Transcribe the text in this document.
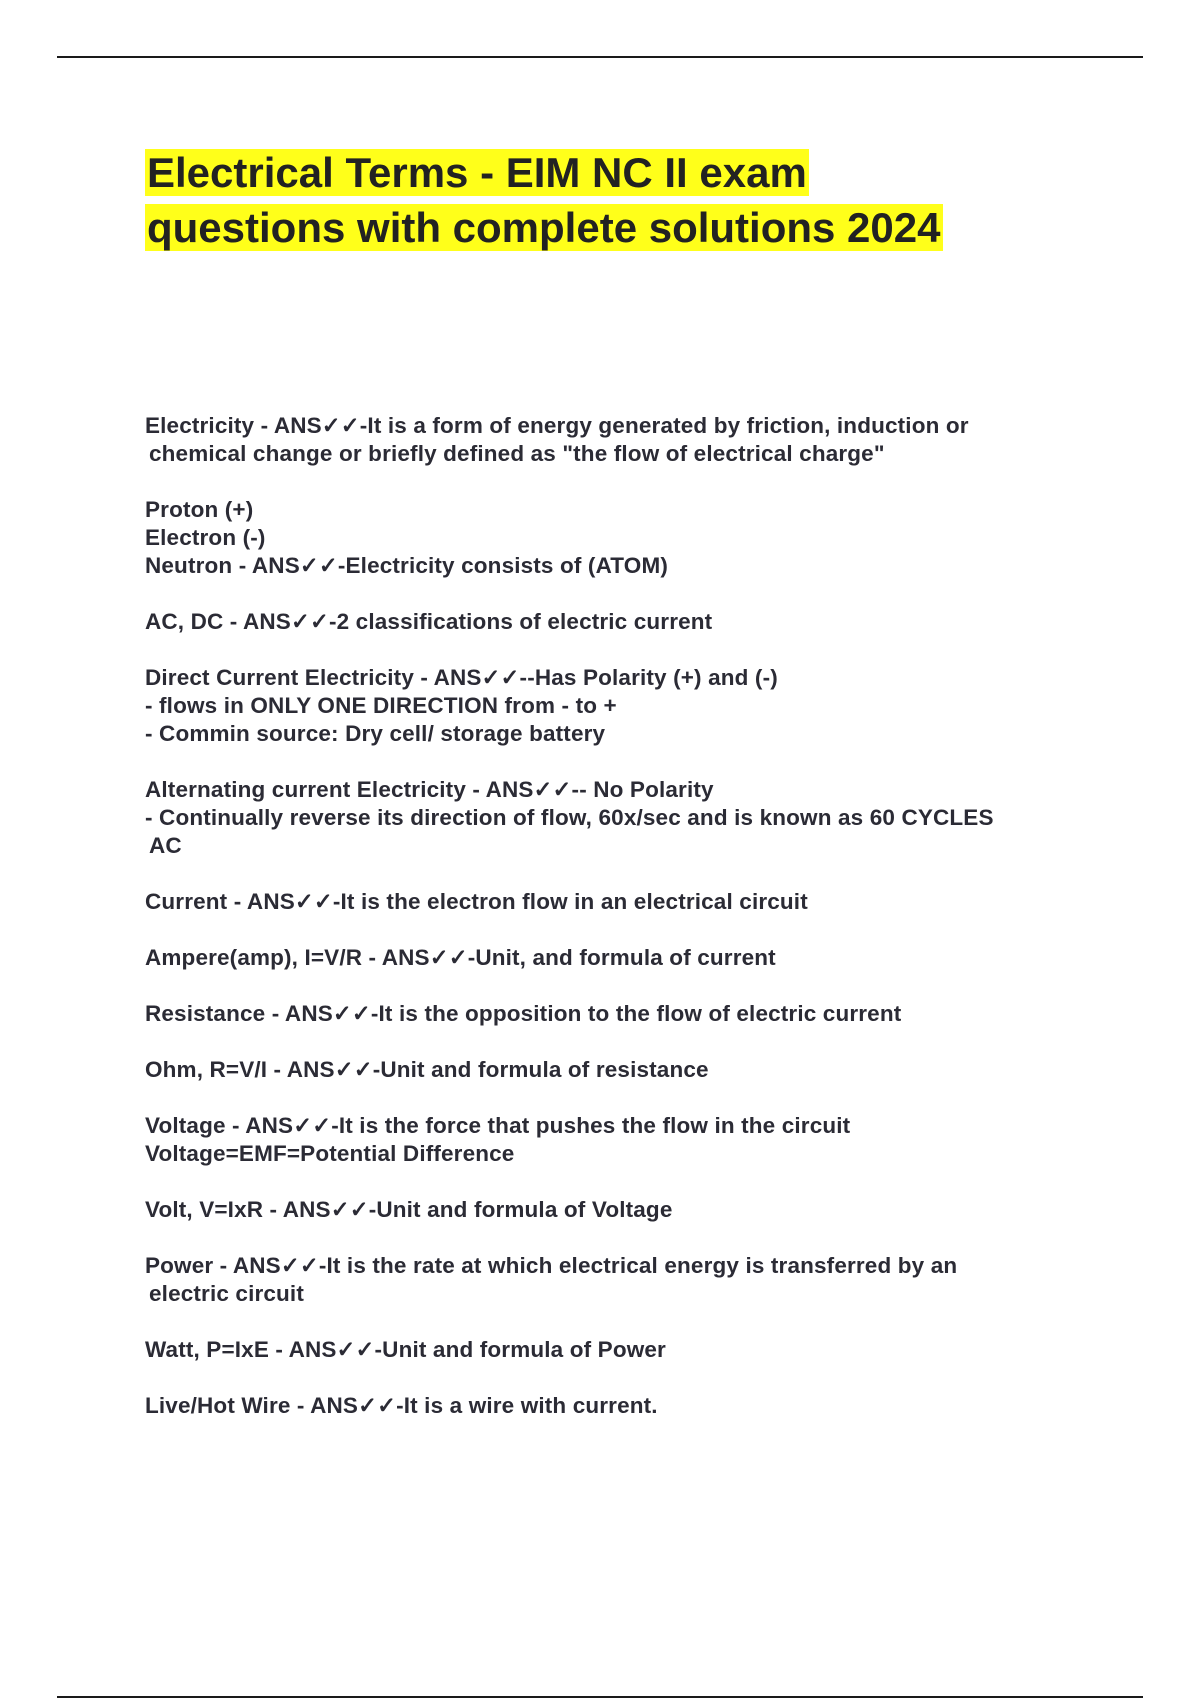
Electrical Terms - EIM NC II exam
questions with complete solutions 2024
Electricity - ANS✓✓-It is a form of energy generated by friction, induction or
chemical change or briefly defined as "the flow of electrical charge"
Proton (+)
Electron (-)
Neutron - ANS✓✓-Electricity consists of (ATOM)
AC, DC - ANS✓✓-2 classifications of electric current
Direct Current Electricity - ANS✓✓--Has Polarity (+) and (-)
- flows in ONLY ONE DIRECTION from - to +
- Commin source: Dry cell/ storage battery
Alternating current Electricity - ANS✓✓-- No Polarity
- Continually reverse its direction of flow, 60x/sec and is known as 60 CYCLES
AC
Current - ANS✓✓-It is the electron flow in an electrical circuit
Ampere(amp), I=V/R - ANS✓✓-Unit, and formula of current
Resistance - ANS✓✓-It is the opposition to the flow of electric current
Ohm, R=V/I - ANS✓✓-Unit and formula of resistance
Voltage - ANS✓✓-It is the force that pushes the flow in the circuit
Voltage=EMF=Potential Difference
Volt, V=IxR - ANS✓✓-Unit and formula of Voltage
Power - ANS✓✓-It is the rate at which electrical energy is transferred by an
electric circuit
Watt, P=IxE - ANS✓✓-Unit and formula of Power
Live/Hot Wire - ANS✓✓-It is a wire with current.
